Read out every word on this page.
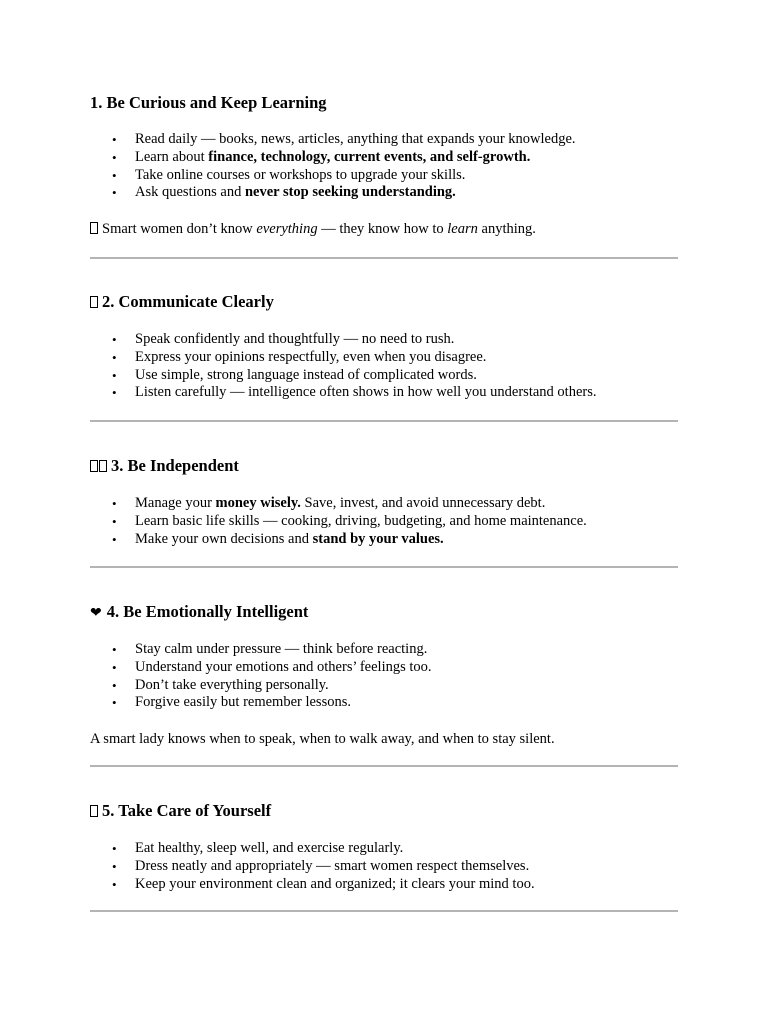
1. Be Curious and Keep Learning
• Read daily — books, news, articles, anything that expands your knowledge.
• Learn about finance, technology, current events, and self-growth.
• Take online courses or workshops to upgrade your skills.
• Ask questions and never stop seeking understanding.

Smart women don’t know everything — they know how to learn anything.

2. Communicate Clearly
• Speak confidently and thoughtfully — no need to rush.
• Express your opinions respectfully, even when you disagree.
• Use simple, strong language instead of complicated words.
• Listen carefully — intelligence often shows in how well you understand others.
3. Be Independent
• Manage your money wisely. Save, invest, and avoid unnecessary debt.
• Learn basic life skills — cooking, driving, budgeting, and home maintenance.
• Make your own decisions and stand by your values.
❤ 4. Be Emotionally Intelligent
• Stay calm under pressure — think before reacting.
• Understand your emotions and others’ feelings too.
• Don’t take everything personally.
• Forgive easily but remember lessons.

A smart lady knows when to speak, when to walk away, and when to stay silent.

5. Take Care of Yourself
• Eat healthy, sleep well, and exercise regularly.
• Dress neatly and appropriately — smart women respect themselves.
• Keep your environment clean and organized; it clears your mind too.
